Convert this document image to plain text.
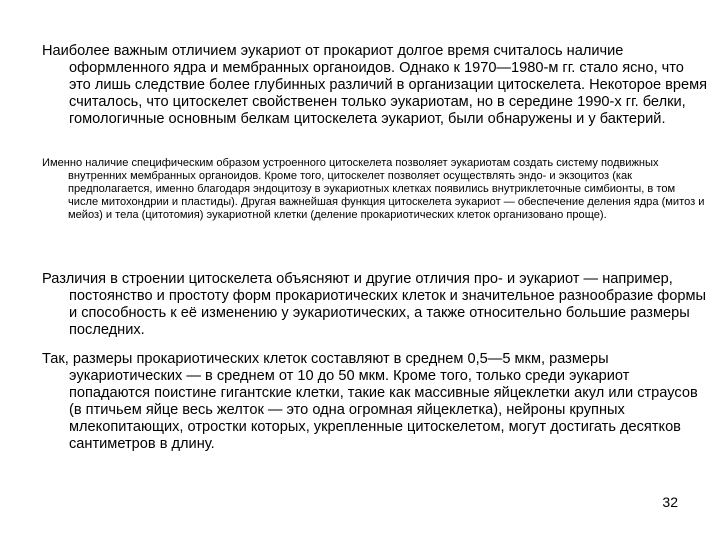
Наиболее важным отличием эукариот от прокариот долгое время считалось наличие оформленного ядра и мембранных органоидов. Однако к 1970—1980-м гг. стало ясно, что это лишь следствие более глубинных различий в организации цитоскелета. Некоторое время считалось, что цитоскелет свойственен только эукариотам, но в середине 1990-х гг. белки, гомологичные основным белкам цитоскелета эукариот, были обнаружены и у бактерий.

Именно наличие специфическим образом устроенного цитоскелета позволяет эукариотам создать систему подвижных внутренних мембранных органоидов. Кроме того, цитоскелет позволяет осуществлять эндо- и экзоцитоз (как предполагается, именно благодаря эндоцитозу в эукариотных клетках появились внутриклеточные симбионты, в том числе митохондрии и пластиды). Другая важнейшая функция цитоскелета эукариот — обеспечение деления ядра (митоз и мейоз) и тела (цитотомия) эукариотной клетки (деление прокариотических клеток организовано проще).

Различия в строении цитоскелета объясняют и другие отличия про- и эукариот — например, постоянство и простоту форм прокариотических клеток и значительное разнообразие формы и способность к её изменению у эукариотических, а также относительно большие размеры последних.

Так, размеры прокариотических клеток составляют в среднем 0,5—5 мкм, размеры эукариотических — в среднем от 10 до 50 мкм. Кроме того, только среди эукариот попадаются поистине гигантские клетки, такие как массивные яйцеклетки акул или страусов (в птичьем яйце весь желток — это одна огромная яйцеклетка), нейроны крупных млекопитающих, отростки которых, укрепленные цитоскелетом, могут достигать десятков сантиметров в длину.

32
